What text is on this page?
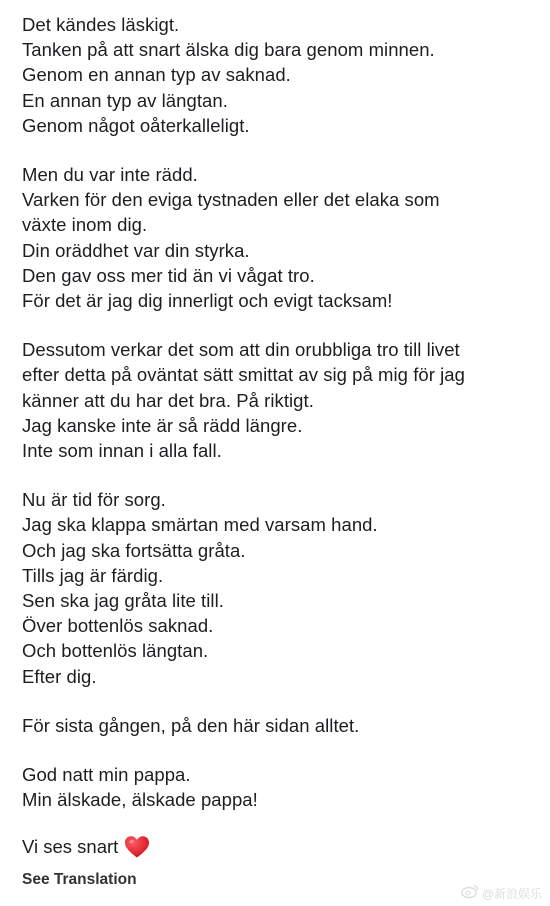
Det kändes läskigt.
Tanken på att snart älska dig bara genom minnen.
Genom en annan typ av saknad.
En annan typ av längtan.
Genom något oåterkalleligt.
Men du var inte rädd.
Varken för den eviga tystnaden eller det elaka som
växte inom dig.
Din oräddhet var din styrka.
Den gav oss mer tid än vi vågat tro.
För det är jag dig innerligt och evigt tacksam!
Dessutom verkar det som att din orubbliga tro till livet
efter detta på oväntat sätt smittat av sig på mig för jag
känner att du har det bra. På riktigt.
Jag kanske inte är så rädd längre.
Inte som innan i alla fall.
Nu är tid för sorg.
Jag ska klappa smärtan med varsam hand.
Och jag ska fortsätta gråta.
Tills jag är färdig.
Sen ska jag gråta lite till.
Över bottenlös saknad.
Och bottenlös längtan.
Efter dig.
För sista gången, på den här sidan alltet.
God natt min pappa.
Min älskade, älskade pappa!
Vi ses snart
See Translation
@新浪娱乐
